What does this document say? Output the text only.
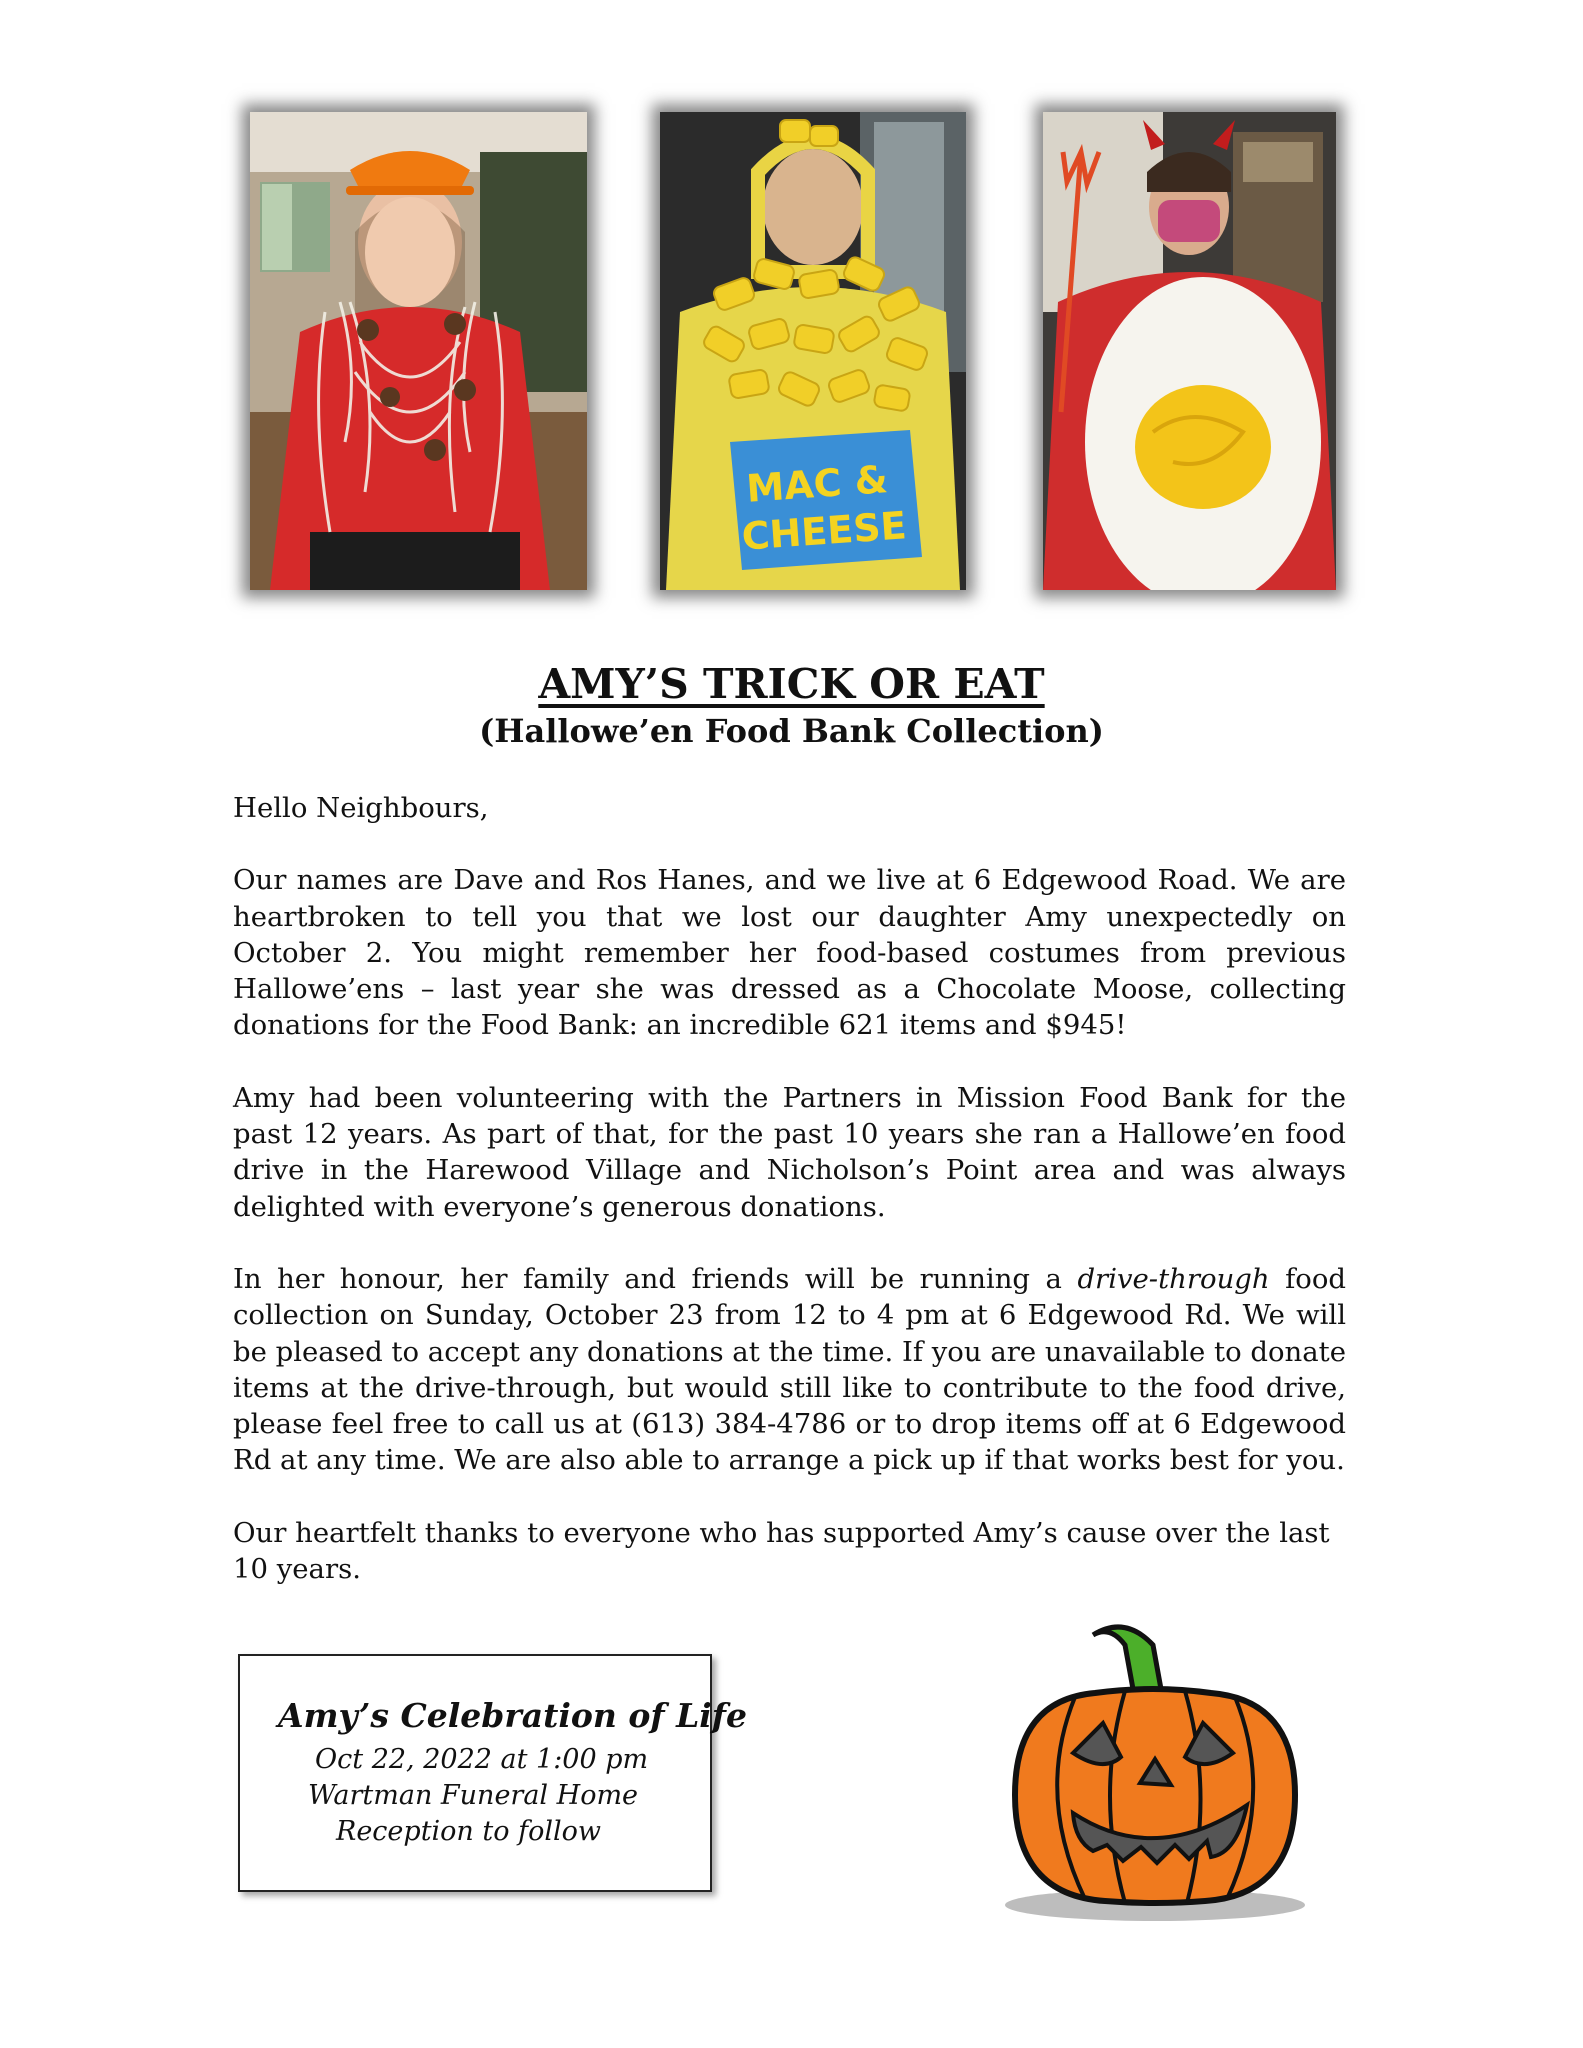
MAC &
CHEESE
AMY’S TRICK OR EAT
(Hallowe’en Food Bank Collection)

Hello Neighbours,

Our names are Dave and Ros Hanes, and we live at 6 Edgewood Road. We are heartbroken to tell you that we lost our daughter Amy unexpectedly on October 2. You might remember her food-based costumes from previous Hallowe’ens – last year she was dressed as a Chocolate Moose, collecting donations for the Food Bank: an incredible 621 items and $945!

Amy had been volunteering with the Partners in Mission Food Bank for the past 12 years. As part of that, for the past 10 years she ran a Hallowe’en food drive in the Harewood Village and Nicholson’s Point area and was always delighted with everyone’s generous donations.

In her honour, her family and friends will be running a drive-through food collection on Sunday, October 23 from 12 to 4 pm at 6 Edgewood Rd. We will be pleased to accept any donations at the time. If you are unavailable to donate items at the drive-through, but would still like to contribute to the food drive, please feel free to call us at (613) 384-4786 or to drop items off at 6 Edgewood Rd at any time. We are also able to arrange a pick up if that works best for you.

Our heartfelt thanks to everyone who has supported Amy’s cause over the last 10 years.

Amy’s Celebration of Life
Oct 22, 2022 at 1:00 pm
Wartman Funeral Home
Reception to follow
